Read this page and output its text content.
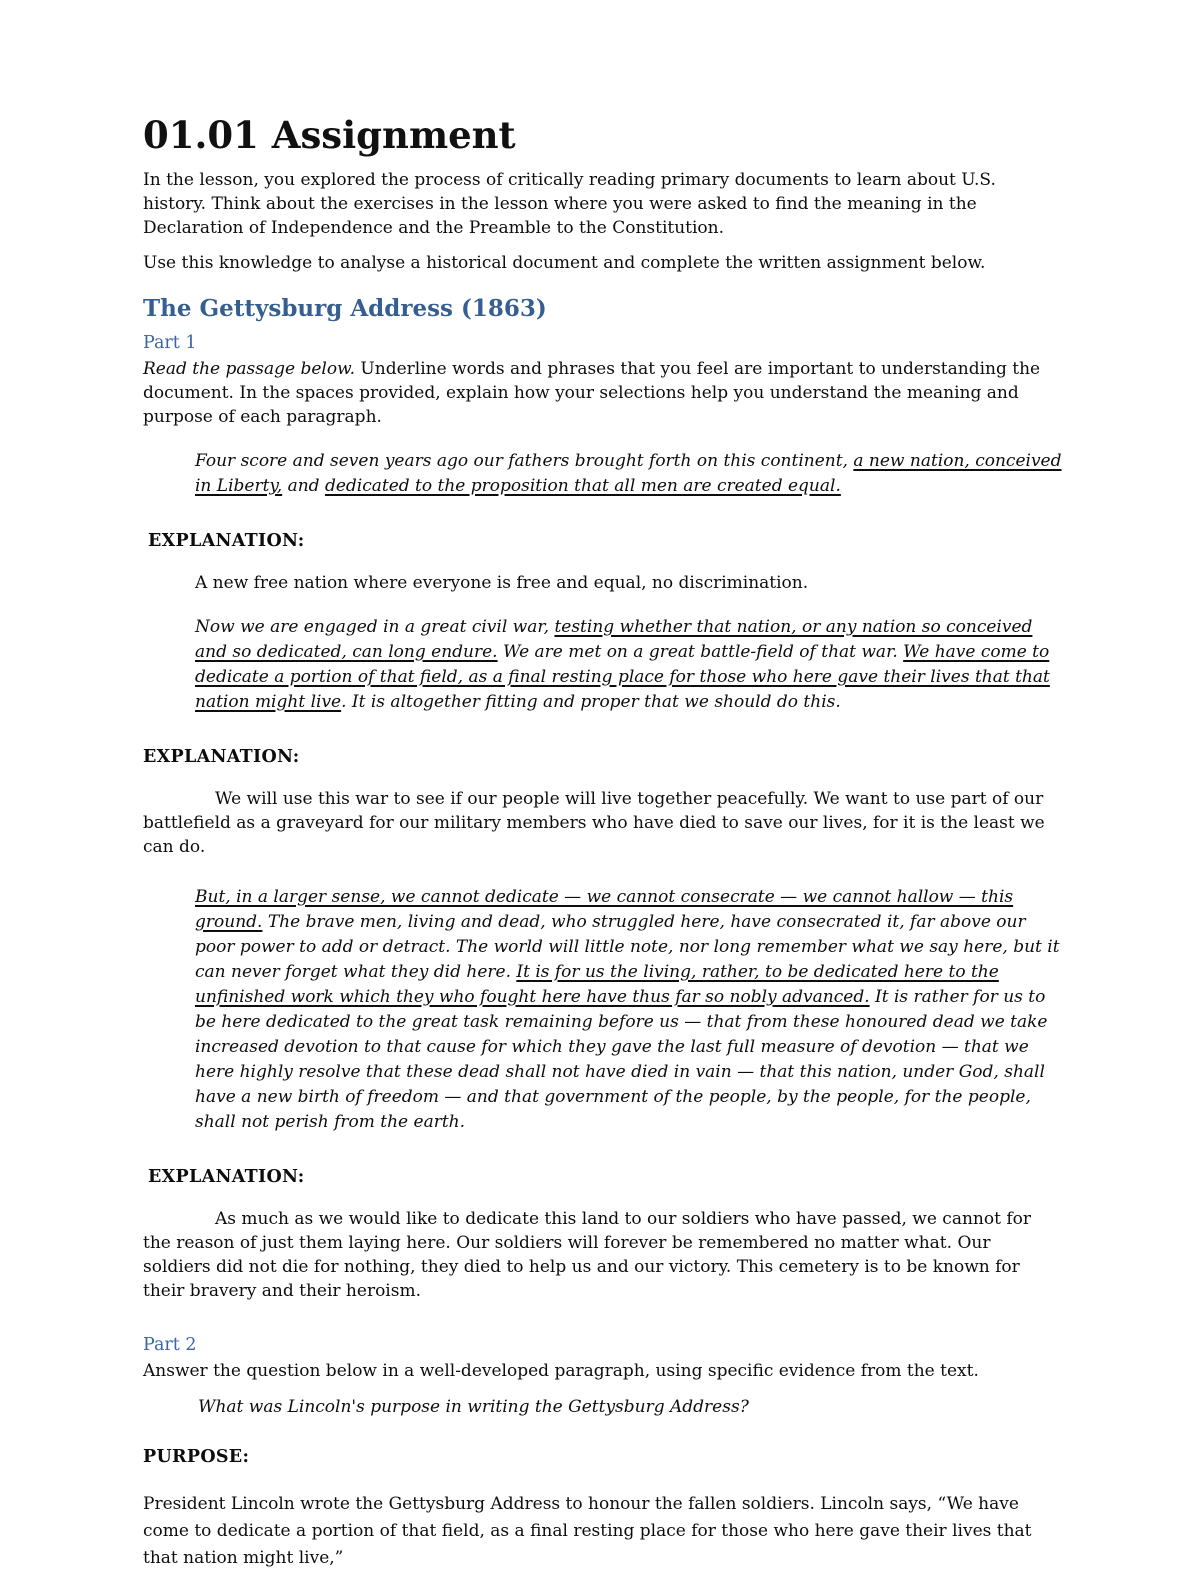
01.01 Assignment

In the lesson, you explored the process of critically reading primary documents to learn about U.S. history. Think about the exercises in the lesson where you were asked to find the meaning in the Declaration of Independence and the Preamble to the Constitution.

Use this knowledge to analyse a historical document and complete the written assignment below.

The Gettysburg Address (1863)
Part 1

Read the passage below. Underline words and phrases that you feel are important to understanding the document. In the spaces provided, explain how your selections help you understand the meaning and purpose of each paragraph.

Four score and seven years ago our fathers brought forth on this continent, a new nation, conceived in Liberty, and dedicated to the proposition that all men are created equal.

EXPLANATION:

A new free nation where everyone is free and equal, no discrimination.

Now we are engaged in a great civil war, testing whether that nation, or any nation so conceived and so dedicated, can long endure. We are met on a great battle-field of that war. We have come to dedicate a portion of that field, as a final resting place for those who here gave their lives that that nation might live. It is altogether fitting and proper that we should do this.

EXPLANATION:

We will use this war to see if our people will live together peacefully. We want to use part of our battlefield as a graveyard for our military members who have died to save our lives, for it is the least we can do.

But, in a larger sense, we cannot dedicate — we cannot consecrate — we cannot hallow — this ground. The brave men, living and dead, who struggled here, have consecrated it, far above our poor power to add or detract. The world will little note, nor long remember what we say here, but it can never forget what they did here. It is for us the living, rather, to be dedicated here to the unfinished work which they who fought here have thus far so nobly advanced. It is rather for us to be here dedicated to the great task remaining before us — that from these honoured dead we take increased devotion to that cause for which they gave the last full measure of devotion — that we here highly resolve that these dead shall not have died in vain — that this nation, under God, shall have a new birth of freedom — and that government of the people, by the people, for the people, shall not perish from the earth.

EXPLANATION:

As much as we would like to dedicate this land to our soldiers who have passed, we cannot for the reason of just them laying here. Our soldiers will forever be remembered no matter what. Our soldiers did not die for nothing, they died to help us and our victory. This cemetery is to be known for their bravery and their heroism.

Part 2

Answer the question below in a well-developed paragraph, using specific evidence from the text.

What was Lincoln's purpose in writing the Gettysburg Address?

PURPOSE:

President Lincoln wrote the Gettysburg Address to honour the fallen soldiers. Lincoln says, “We have come to dedicate a portion of that field, as a final resting place for those who here gave their lives that that nation might live,”
